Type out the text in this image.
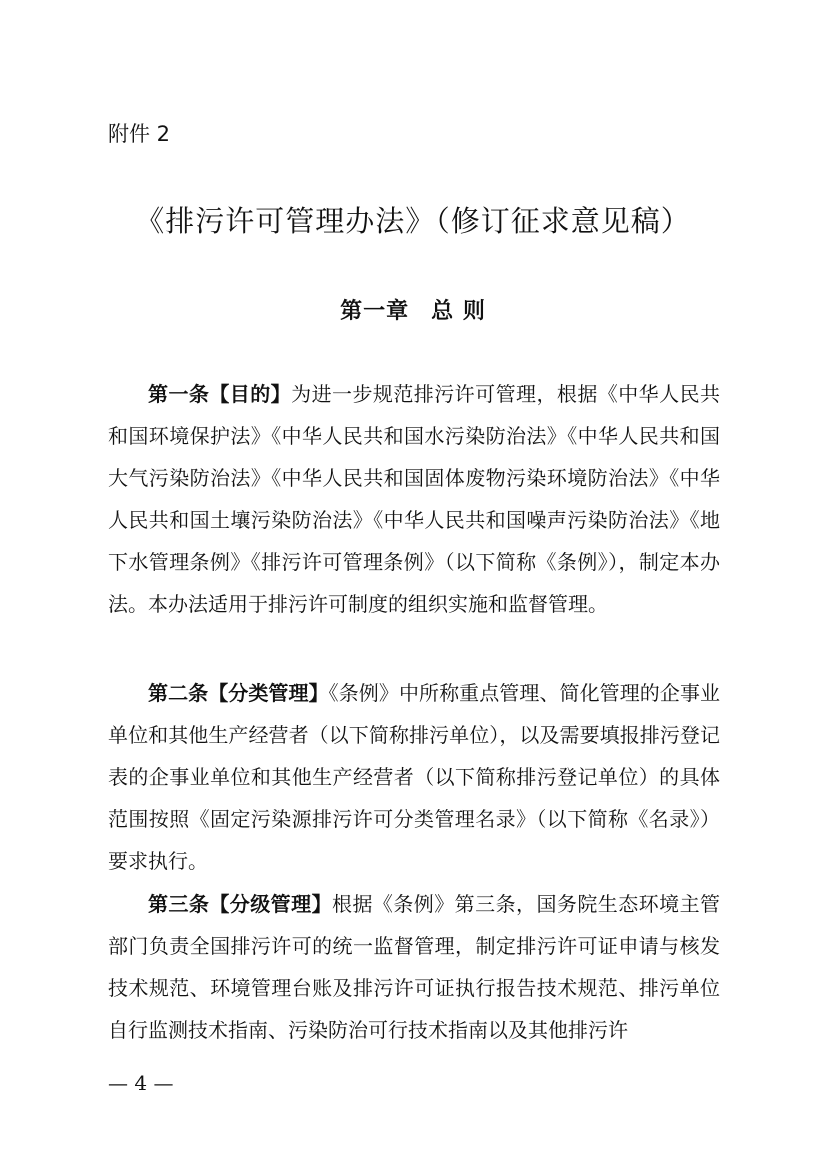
附件 2

《排污许可管理办法》（修订征求意见稿）
第一章 总 则

第一条【目的】为进一步规范排污许可管理，根据《中华人民共和国环境保护法》《中华人民共和国水污染防治法》《中华人民共和国大气污染防治法》《中华人民共和国固体废物污染环境防治法》《中华人民共和国土壤污染防治法》《中华人民共和国噪声污染防治法》《地下水管理条例》《排污许可管理条例》（以下简称《条例》），制定本办法。本办法适用于排污许可制度的组织实施和监督管理。

第二条【分类管理】《条例》中所称重点管理、简化管理的企事业单位和其他生产经营者（以下简称排污单位），以及需要填报排污登记表的企事业单位和其他生产经营者（以下简称排污登记单位）的具体范围按照《固定污染源排污许可分类管理名录》（以下简称《名录》）要求执行。

第三条【分级管理】根据《条例》第三条，国务院生态环境主管部门负责全国排污许可的统一监督管理，制定排污许可证申请与核发技术规范、环境管理台账及排污许可证执行报告技术规范、排污单位自行监测技术指南、污染防治可行技术指南以及其他排污许

— 4 —
